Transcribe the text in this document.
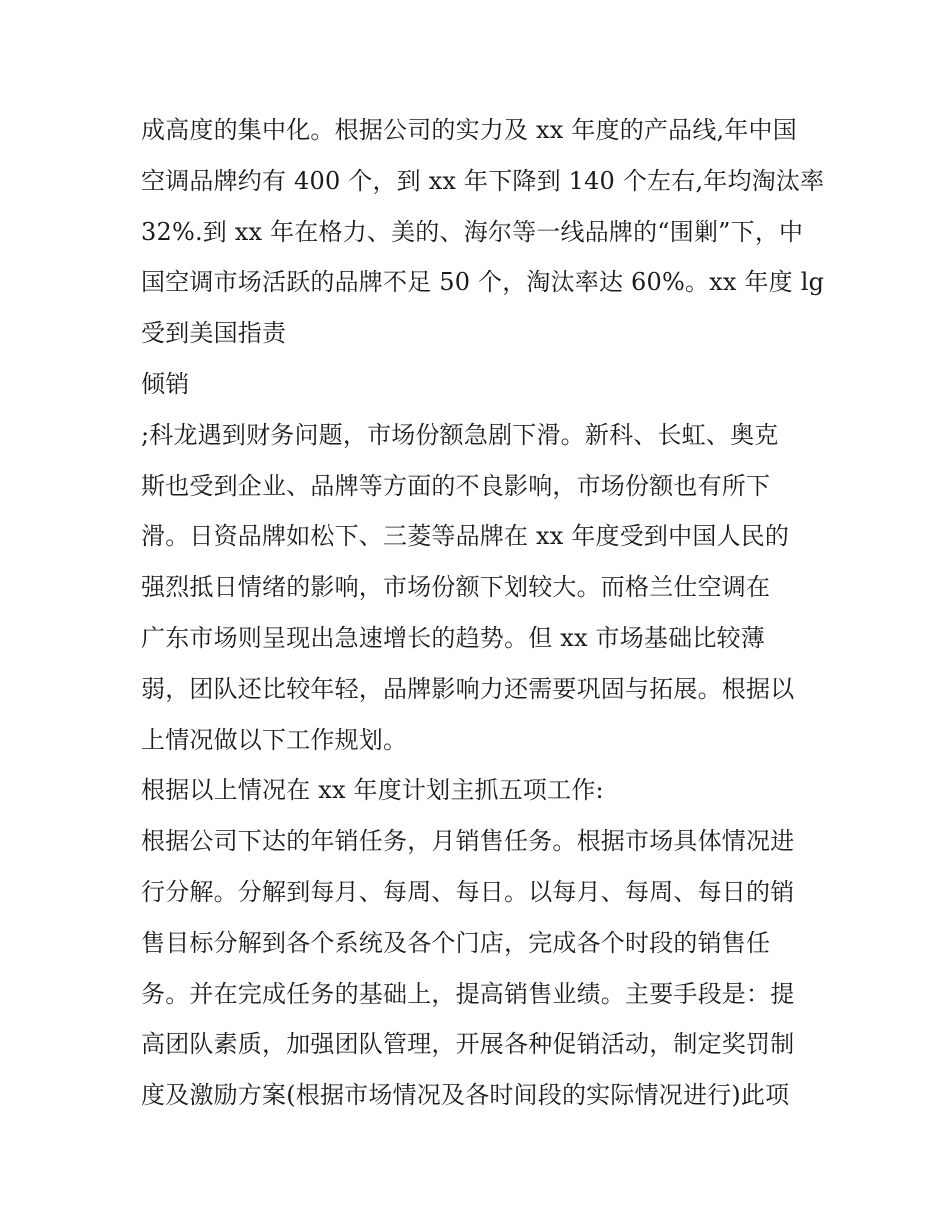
成高度的集中化。根据公司的实力及 xx 年度的产品线,年中国
空调品牌约有 400 个，到 xx 年下降到 140 个左右,年均淘汰率
32%.到 xx 年在格力、美的、海尔等一线品牌的“围剿”下，中
国空调市场活跃的品牌不足 50 个，淘汰率达 60%。xx 年度 lg
受到美国指责
倾销
;科龙遇到财务问题，市场份额急剧下滑。新科、长虹、奥克
斯也受到企业、品牌等方面的不良影响，市场份额也有所下
滑。日资品牌如松下、三菱等品牌在 xx 年度受到中国人民的
强烈抵日情绪的影响，市场份额下划较大。而格兰仕空调在
广东市场则呈现出急速增长的趋势。但 xx 市场基础比较薄
弱，团队还比较年轻，品牌影响力还需要巩固与拓展。根据以
上情况做以下工作规划。
根据以上情况在 xx 年度计划主抓五项工作:
根据公司下达的年销任务，月销售任务。根据市场具体情况进
行分解。分解到每月、每周、每日。以每月、每周、每日的销
售目标分解到各个系统及各个门店，完成各个时段的销售任
务。并在完成任务的基础上，提高销售业绩。主要手段是：提
高团队素质，加强团队管理，开展各种促销活动，制定奖罚制
度及激励方案(根据市场情况及各时间段的实际情况进行)此项
